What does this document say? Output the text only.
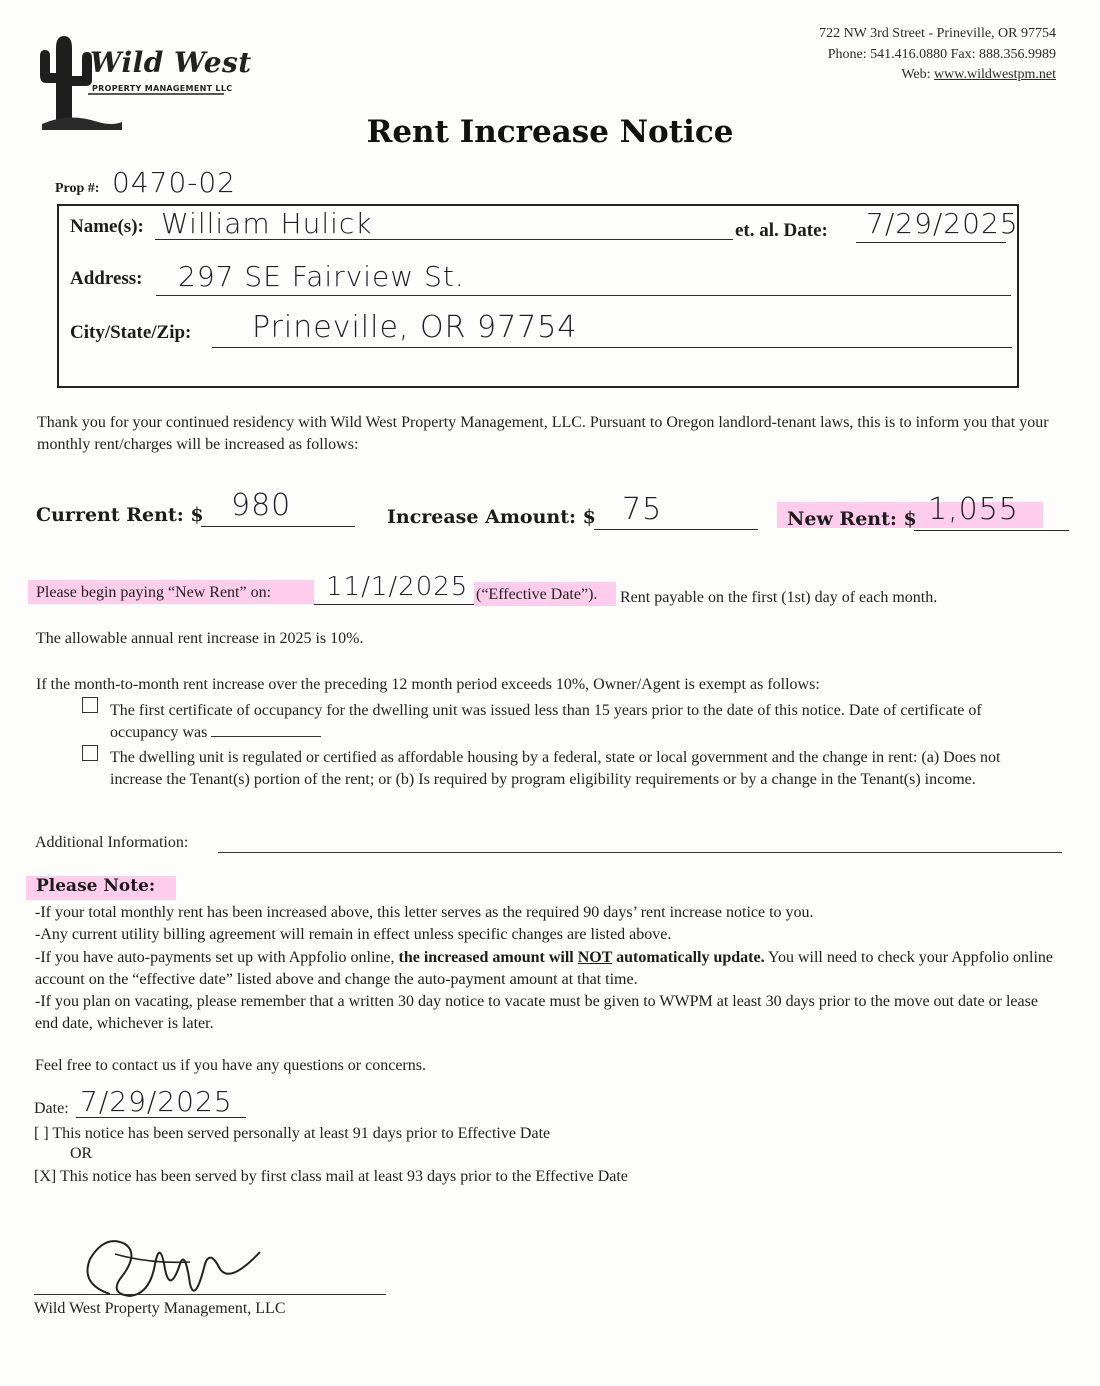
Wild West
PROPERTY MANAGEMENT LLC
722 NW 3rd Street - Prineville, OR 97754
Phone: 541.416.0880 Fax: 888.356.9989
Web: www.wildwestpm.net
Rent Increase Notice
Prop #: 0470-02
Name(s): William Hulick	et. al. Date: 7/29/2025
Address: 297 SE Fairview St.
City/State/Zip: Prineville, OR 97754
Thank you for your continued residency with Wild West Property Management, LLC. Pursuant to Oregon landlord-tenant laws, this is to inform you that your monthly rent/charges will be increased as follows:
Current Rent: $ 980	Increase Amount: $ 75	New Rent: $ 1,055
Please begin paying “New Rent” on: 11/1/2025 (“Effective Date”). Rent payable on the first (1st) day of each month.
The allowable annual rent increase in 2025 is 10%.
If the month-to-month rent increase over the preceding 12 month period exceeds 10%, Owner/Agent is exempt as follows:
The first certificate of occupancy for the dwelling unit was issued less than 15 years prior to the date of this notice. Date of certificate of occupancy was
The dwelling unit is regulated or certified as affordable housing by a federal, state or local government and the change in rent: (a) Does not increase the Tenant(s) portion of the rent; or (b) Is required by program eligibility requirements or by a change in the Tenant(s) income.
Additional Information:
Please Note:
-If your total monthly rent has been increased above, this letter serves as the required 90 days’ rent increase notice to you.
-Any current utility billing agreement will remain in effect unless specific changes are listed above.
-If you have auto-payments set up with Appfolio online, the increased amount will NOT automatically update. You will need to check your Appfolio online account on the “effective date” listed above and change the auto-payment amount at that time.
-If you plan on vacating, please remember that a written 30 day notice to vacate must be given to WWPM at least 30 days prior to the move out date or lease end date, whichever is later.
Feel free to contact us if you have any questions or concerns.
Date: 7/29/2025
[ ] This notice has been served personally at least 91 days prior to Effective Date
OR
[X] This notice has been served by first class mail at least 93 days prior to the Effective Date
Wild West Property Management, LLC
